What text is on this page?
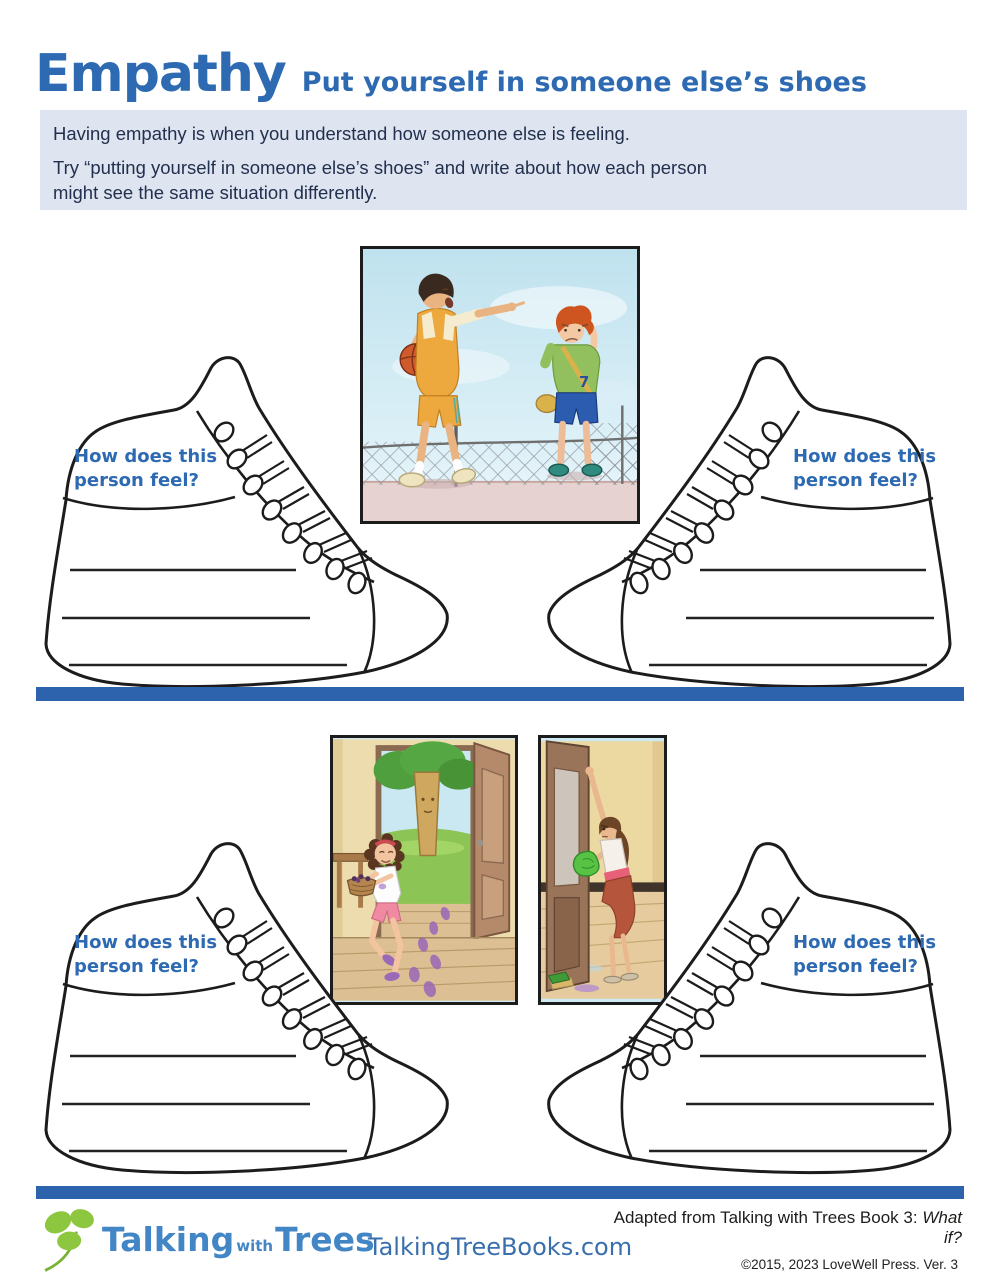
Empathy Put yourself in someone else’s shoes

Having empathy is when you understand how someone else is feeling.

Try “putting yourself in someone else’s shoes” and write about how each person might see the same situation differently.

7
How does this
person feel?
How does this
person feel?
How does this
person feel?
How does this
person feel?
Talking with Trees
TalkingTreeBooks.com
Adapted from Talking with Trees Book 3: What if?
©2015, 2023 LoveWell Press. Ver. 3
